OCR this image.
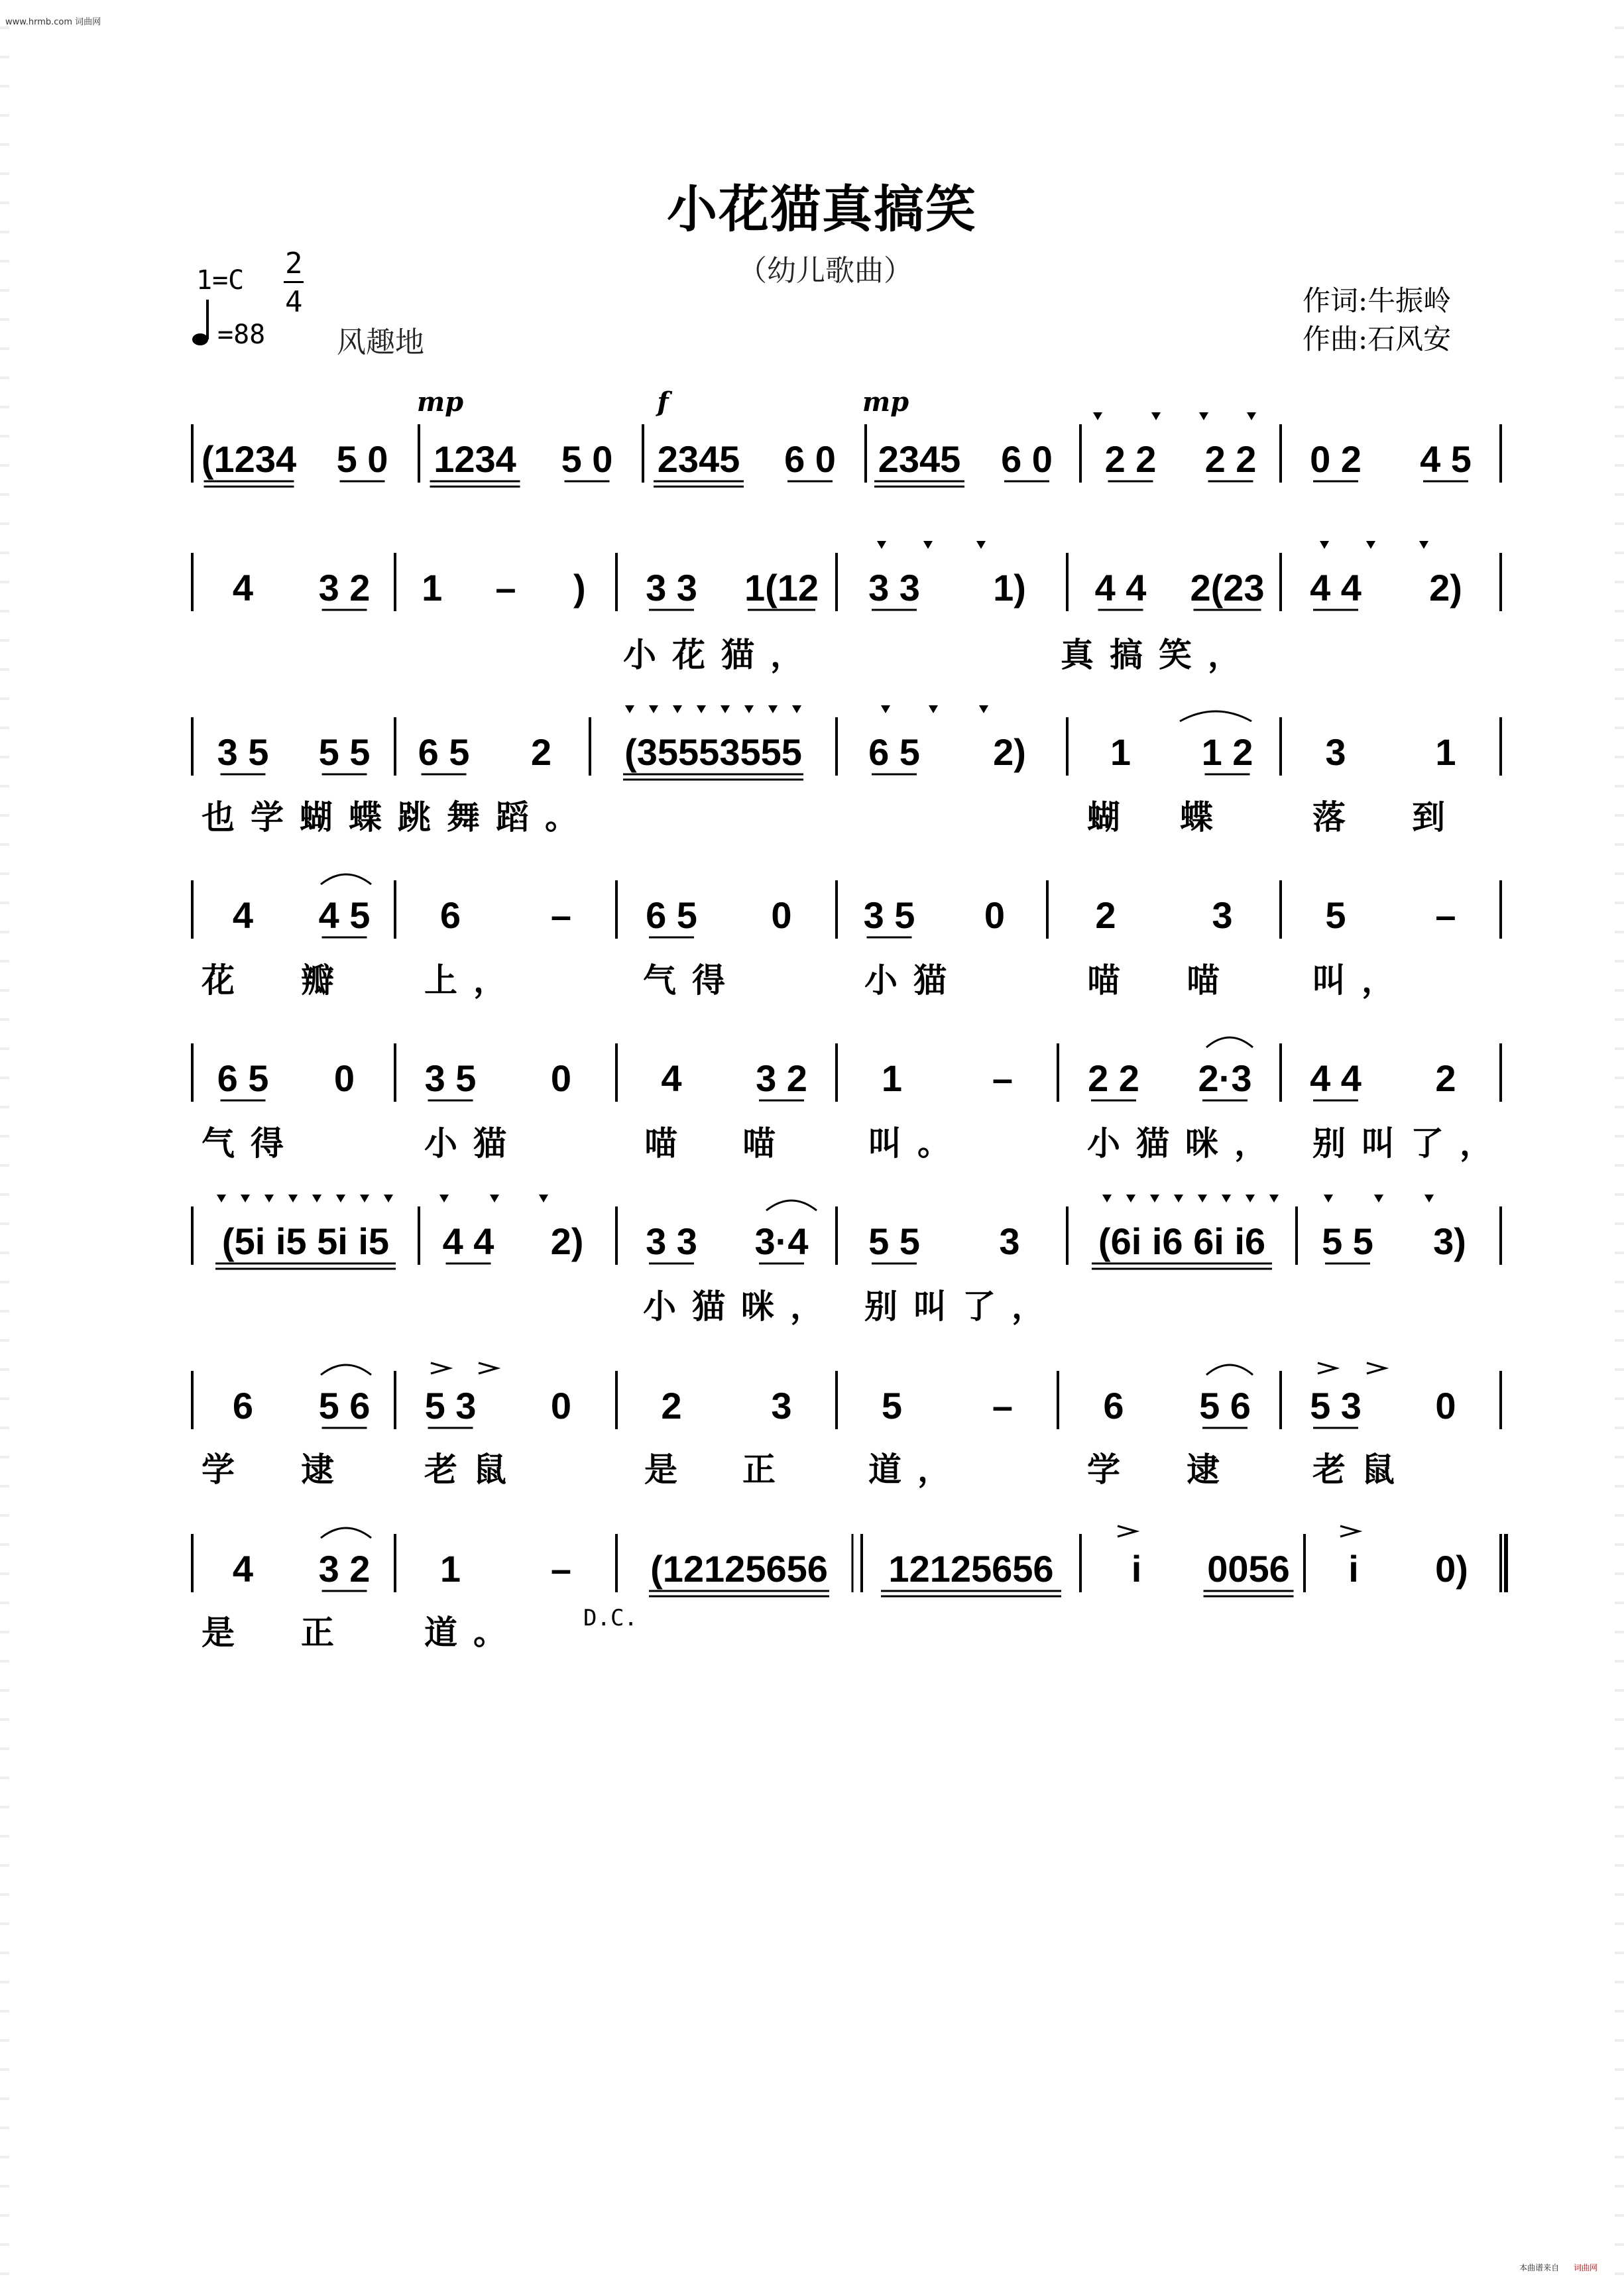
www.hrmb.com 词曲网
小花猫真搞笑
（幼儿歌曲）
1=C 2
4
=88 风趣地
作词:牛振岭
作曲:石风安
(1234 5 0 1234 5 0 2345 6 0 2345 6 0 2 2 2 2 0 2 4 5
mp	f	mp
4 3 2 1 – ) 3 3 1(12 3 3 1) 4 4 2(23 4 4 2)
小花猫，	真搞笑，
3 5 5 5 6 5 2 (35553555 6 5 2) 1 1 2 3 1
也学蝴蝶跳舞蹈。	蝴 蝶	落 到
4 4 5 6 – 6 5 0 3 5 0 2	3 5 –
花 瓣 上，	气得	小猫	喵 喵 叫，
6 5 0 3 5 0 4 3 2 1 – 2 2 2·3 4 4 2
气得	小猫	喵 喵 叫。	小猫咪， 别叫了，
(5i i5 5i i5 4 4 2) 3 3 3·4 5 5 3 (6i i6 6i i6 5 5 3)
小猫咪， 别叫了，
6 5 6 5 3 0 2 3 5 – 6 5 6 5 3 0
学 逮 老鼠	是 正 道，	学 逮 老鼠
4 3 2 1 – (12125656 12125656 i 0056 i 0)
是 正 道。	D.C.
本曲谱来自 词曲网
